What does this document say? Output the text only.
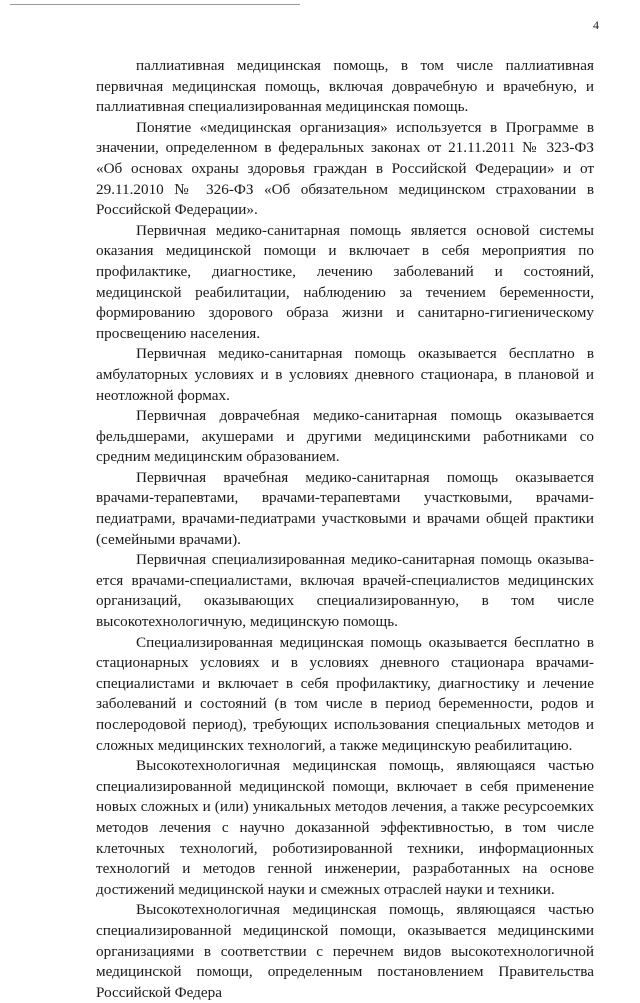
4

паллиативная медицинская помощь, в том числе паллиативная первичная медицинская помощь, включая доврачебную и врачебную, и паллиативная специализированная медицинская помощь.

Понятие «медицинская организация» используется в Программе в значении, определенном в федеральных законах от 21.11.2011 № 323-ФЗ «Об основах охраны здоровья граждан в Российской Федерации» и от 29.11.2010 № 326-ФЗ «Об обязательном медицинском страховании в Российской Федерации».

Первичная медико-санитарная помощь является основой системы оказания медицинской помощи и включает в себя мероприятия по профилактике, диагностике, лечению заболеваний и состояний, медицинской реабилитации, наблюдению за течением беременности, формированию здорового образа жизни и санитарно-гигиеническому просвещению населения.

Первичная медико-санитарная помощь оказывается бесплатно в амбулаторных условиях и в условиях дневного стационара, в плановой и неотложной формах.

Первичная доврачебная медико-санитарная помощь оказывается фельдшерами, акушерами и другими медицинскими работниками со средним медицинским образованием.

Первичная врачебная медико-санитарная помощь оказывается врачами-терапевтами, врачами-терапевтами участковыми, врачами-педиатрами, врачами-педиатрами участковыми и врачами общей практики (семейными врачами).

Первичная специализированная медико-санитарная помощь оказывается врачами-специалистами, включая врачей-специалистов медицинских организаций, оказывающих специализированную, в том числе высокотехнологичную, медицинскую помощь.

Специализированная медицинская помощь оказывается бесплатно в стационарных условиях и в условиях дневного стационара врачами-специалистами и включает в себя профилактику, диагностику и лечение заболеваний и состояний (в том числе в период беременности, родов и послеродовой период), требующих использования специальных методов и сложных медицинских технологий, а также медицинскую реабилитацию.

Высокотехнологичная медицинская помощь, являющаяся частью специализированной медицинской помощи, включает в себя применение новых сложных и (или) уникальных методов лечения, а также ресурсоемких методов лечения с научно доказанной эффективностью, в том числе клеточных технологий, роботизированной техники, информационных технологий и методов генной инженерии, разработанных на основе достижений медицинской науки и смежных отраслей науки и техники.

Высокотехнологичная медицинская помощь, являющаяся частью специализированной медицинской помощи, оказывается медицинскими организациями в соответствии с перечнем видов высокотехнологичной медицинской помощи, определенным постановлением Правительства Российской Федера
